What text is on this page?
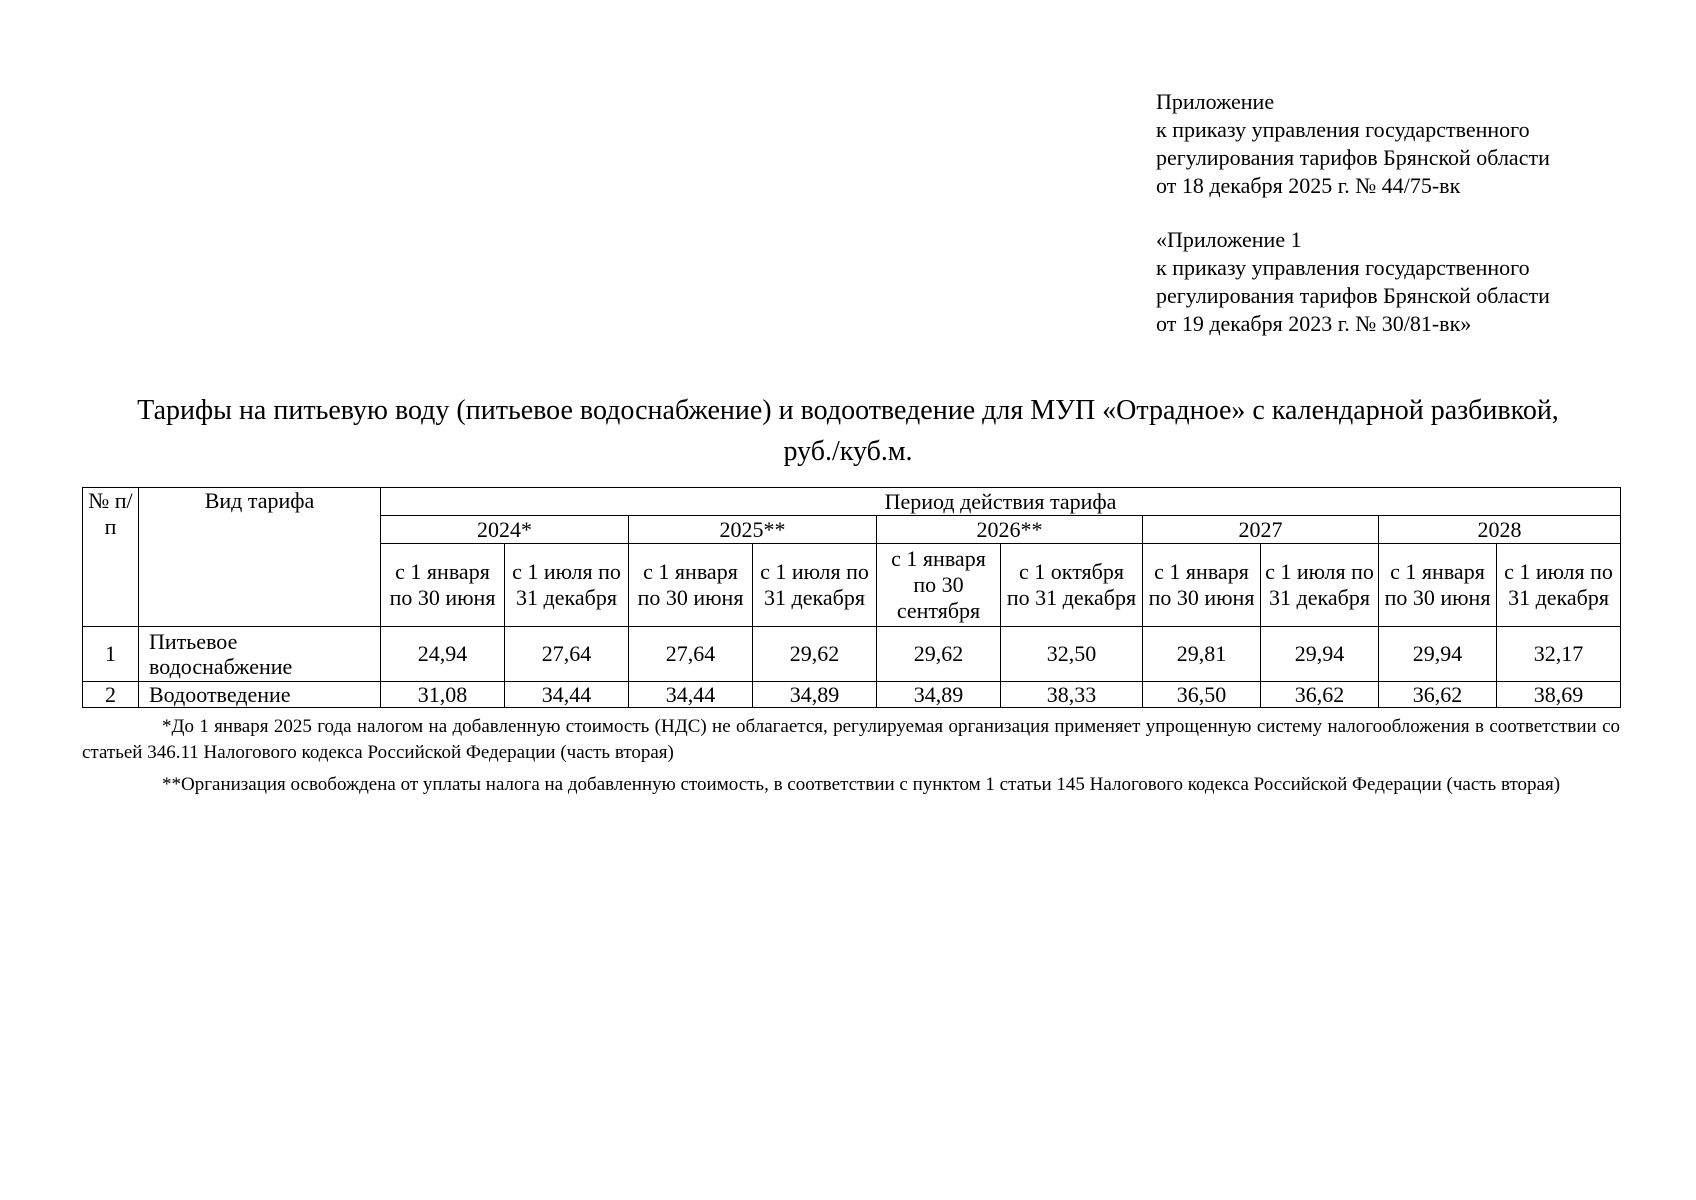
Приложение
к приказу управления государственного
регулирования тарифов Брянской области
от 18 декабря 2025 г. № 44/75-вк
«Приложение 1
к приказу управления государственного
регулирования тарифов Брянской области
от 19 декабря 2023 г. № 30/81-вк»
Тарифы на питьевую воду (питьевое водоснабжение) и водоотведение для МУП «Отрадное» с календарной разбивкой,
руб./куб.м.
№ п/п	Вид тарифа	Период действия тарифа									
		2024*		2025**		2026**		2027		2028	
		с 1 января по 30 июня	с 1 июля по 31 декабря	с 1 января по 30 июня	с 1 июля по 31 декабря	с 1 января по 30 сентября	с 1 октября по 31 декабря	с 1 января по 30 июня	с 1 июля по 31 декабря	с 1 января по 30 июня	с 1 июля по 31 декабря
1	Питьевое водоснабжение	24,94	27,64	27,64	29,62	29,62	32,50	29,81	29,94	29,94	32,17
2	Водоотведение	31,08	34,44	34,44	34,89	34,89	38,33	36,50	36,62	36,62	38,69

*До 1 января 2025 года налогом на добавленную стоимость (НДС) не облагается, регулируемая организация применяет упрощенную систему налогообложения в соответствии со статьей 346.11 Налогового кодекса Российской Федерации (часть вторая)

**Организация освобождена от уплаты налога на добавленную стоимость, в соответствии с пунктом 1 статьи 145 Налогового кодекса Российской Федерации (часть вторая)
